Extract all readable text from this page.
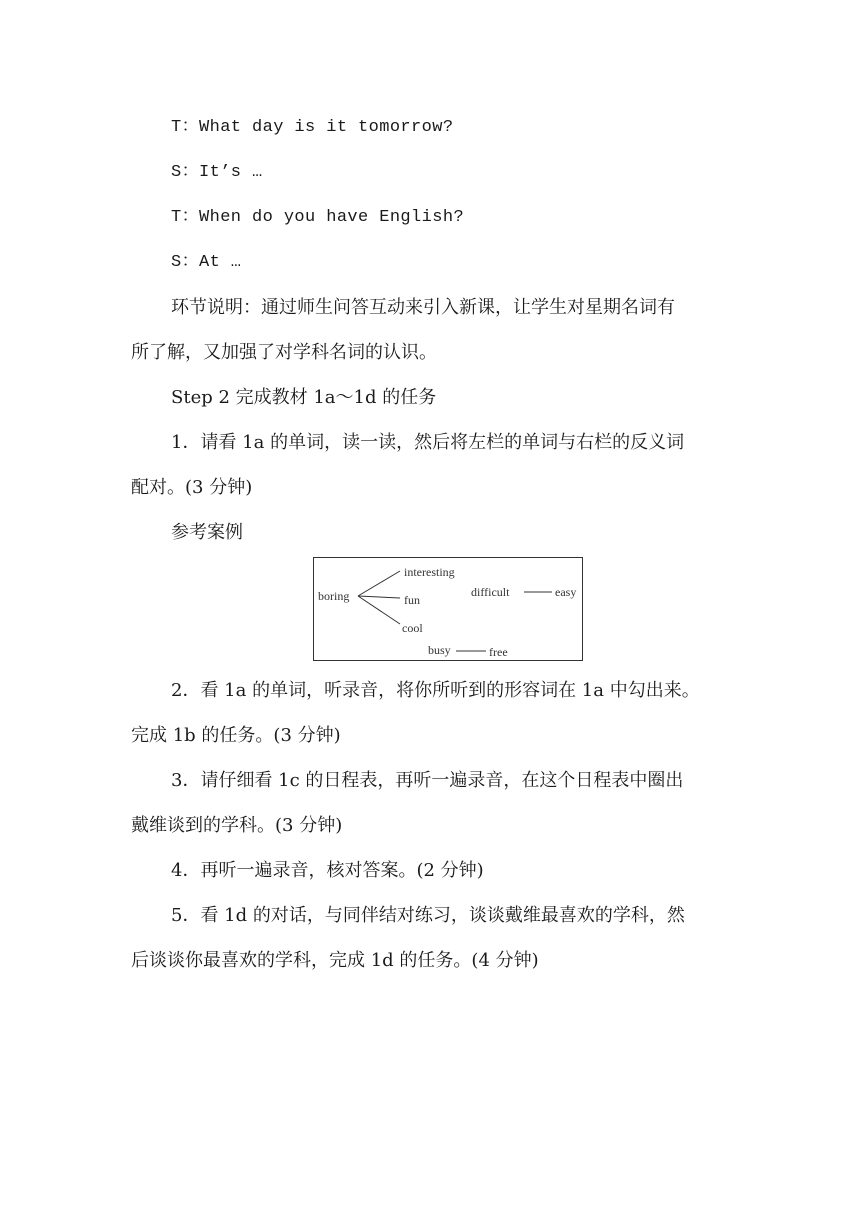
T：What day is it tomorrow?
S：It’s …
T：When do you have English?
S：At …
环节说明：通过师生问答互动来引入新课，让学生对星期名词有
所了解，又加强了对学科名词的认识。
Step 2 完成教材 1a～1d 的任务
1．请看 1a 的单词，读一读，然后将左栏的单词与右栏的反义词
配对。(3 分钟)
参考案例
boring
interesting
fun
cool
difficult	easy
busy	free
2．看 1a 的单词，听录音，将你所听到的形容词在 1a 中勾出来。
完成 1b 的任务。(3 分钟)
3．请仔细看 1c 的日程表，再听一遍录音，在这个日程表中圈出
戴维谈到的学科。(3 分钟)
4．再听一遍录音，核对答案。(2 分钟)
5．看 1d 的对话，与同伴结对练习，谈谈戴维最喜欢的学科，然
后谈谈你最喜欢的学科，完成 1d 的任务。(4 分钟)
